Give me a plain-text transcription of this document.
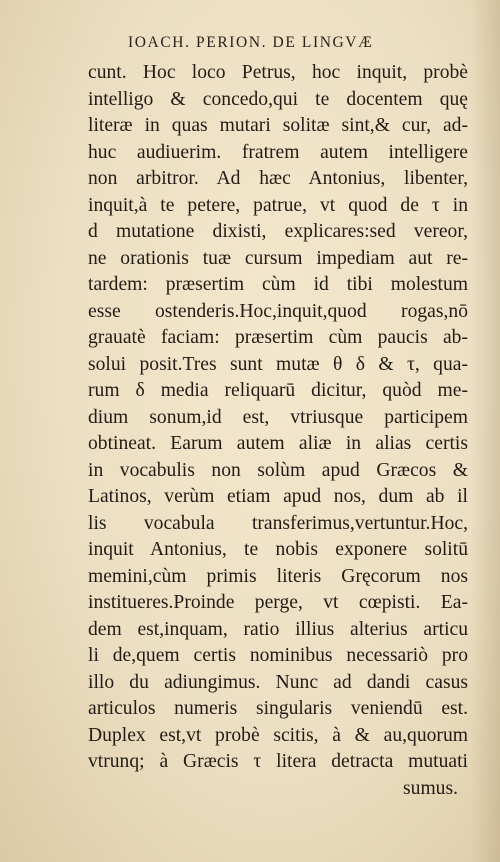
IOACH. PERION. DE LINGVÆ
cunt. Hoc loco Petrus, hoc inquit, probè
intelligo & concedo,qui te docentem quę
literæ in quas mutari solitæ sint,& cur, ad-
huc audiuerim. fratrem autem intelligere
non arbitror. Ad hæc Antonius, libenter,
inquit,à te petere, patrue, vt quod de τ in
d mutatione dixisti, explicares:sed vereor,
ne orationis tuæ cursum impediam aut re-
tardem: præsertim cùm id tibi molestum
esse ostenderis.Hoc,inquit,quod rogas,nō
grauatè faciam: præsertim cùm paucis ab-
solui posit.Tres sunt mutæ θ δ & τ, qua-
rum δ media reliquarū dicitur, quòd me-
dium sonum,id est, vtriusque participem
obtineat. Earum autem aliæ in alias certis
in vocabulis non solùm apud Græcos &
Latinos, verùm etiam apud nos, dum ab il
lis vocabula transferimus,vertuntur.Hoc,
inquit Antonius, te nobis exponere solitū
memini,cùm primis literis Gręcorum nos
institueres.Proinde perge, vt cœpisti. Ea-
dem est,inquam, ratio illius alterius articu
li de,quem certis nominibus necessariò pro
illo du adiungimus. Nunc ad dandi casus
articulos numeris singularis veniendū est.
Duplex est,vt probè scitis, à & au,quorum
vtrunq; à Græcis τ litera detracta mutuati
sumus.
